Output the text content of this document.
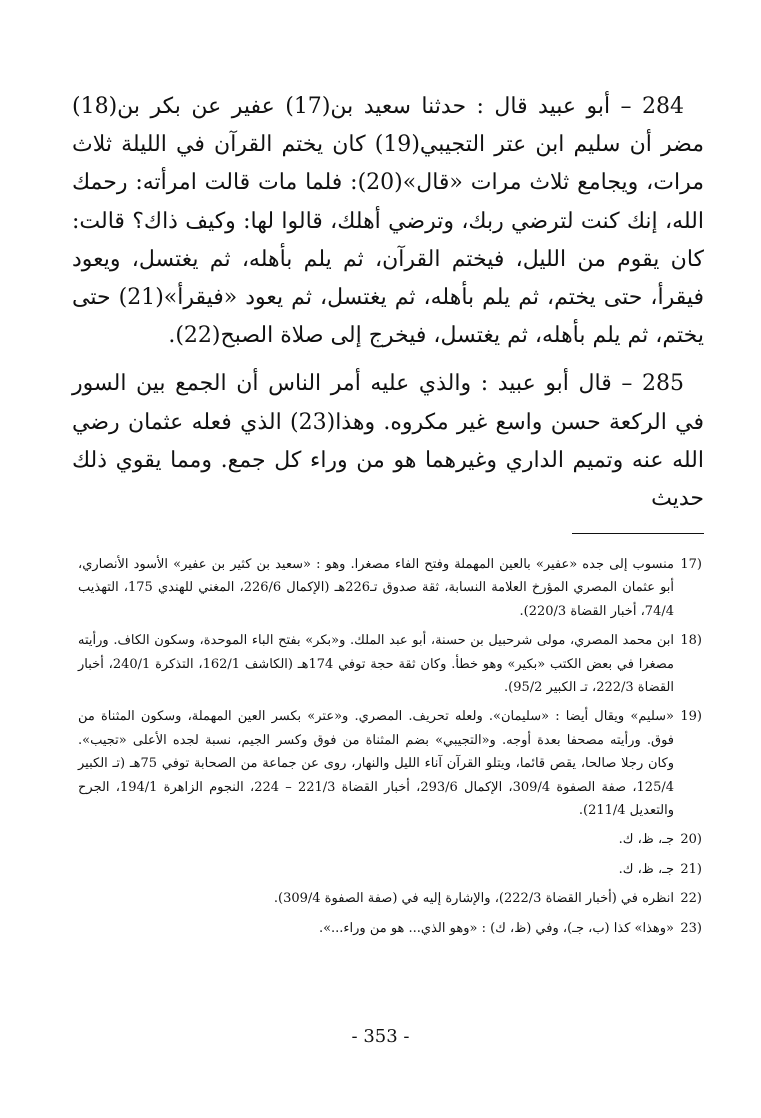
284 – أبو عبيد قال : حدثنا سعيد بن(17) عفير عن بكر بن(18) مضر أن سليم ابن عتر التجيبي(19) كان يختم القرآن في الليلة ثلاث مرات، ويجامع ثلاث مرات «قال»(20): فلما مات قالت امرأته: رحمك الله، إنك كنت لترضي ربك، وترضي أهلك، قالوا لها: وكيف ذاك؟ قالت: كان يقوم من الليل، فيختم القرآن، ثم يلم بأهله، ثم يغتسل، ويعود فيقرأ، حتى يختم، ثم يلم بأهله، ثم يغتسل، ثم يعود «فيقرأ»(21) حتى يختم، ثم يلم بأهله، ثم يغتسل، فيخرج إلى صلاة الصبح(22).

285 – قال أبو عبيد : والذي عليه أمر الناس أن الجمع بين السور في الركعة حسن واسع غير مكروه. وهذا(23) الذي فعله عثمان رضي الله عنه وتميم الداري وغيرهما هو من وراء كل جمع. ومما يقوي ذلك حديث

17)
منسوب إلى جده «عفير» بالعين المهملة وفتح الفاء مصغرا. وهو : «سعيد بن كثير بن عفير» الأسود الأنصاري، أبو عثمان المصري المؤرخ العلامة النسابة، ثقة صدوق تـ226هـ (الإكمال 226/6، المغني للهندي 175، التهذيب 74/4، أخبار القضاة 220/3).
18)
ابن محمد المصري، مولى شرحبيل بن حسنة، أبو عبد الملك. و«بكر» بفتح الباء الموحدة، وسكون الكاف. ورأيته مصغرا في بعض الكتب «بكير» وهو خطأ. وكان ثقة حجة توفي 174هـ (الكاشف 162/1، التذكرة 240/1، أخبار القضاة 222/3، تـ الكبير 95/2).
19)
«سليم» ويقال أيضا : «سليمان». ولعله تحريف. المصري. و«عتر» بكسر العين المهملة، وسكون المثناة من فوق. ورأيته مصحفا بعدة أوجه. و«التجيبي» بضم المثناة من فوق وكسر الجيم، نسبة لجده الأعلى «تجيب». وكان رجلا صالحا، يقص قائما، ويتلو القرآن آناء الليل والنهار، روى عن جماعة من الصحابة توفي 75هـ (تـ الكبير 125/4، صفة الصفوة 309/4، الإكمال 293/6، أخبار القضاة 221/3 – 224، النجوم الزاهرة 194/1، الجرح والتعديل 211/4).
20)
جـ، ظ، ك.
21)
جـ، ظ، ك.
22)
انظره في (أخبار القضاة 222/3)، والإشارة إليه في (صفة الصفوة 309/4).
23)
«وهذا» كذا (ب، جـ)، وفي (ظ، ك) : «وهو الذي... هو من وراء...».
- 353 -
